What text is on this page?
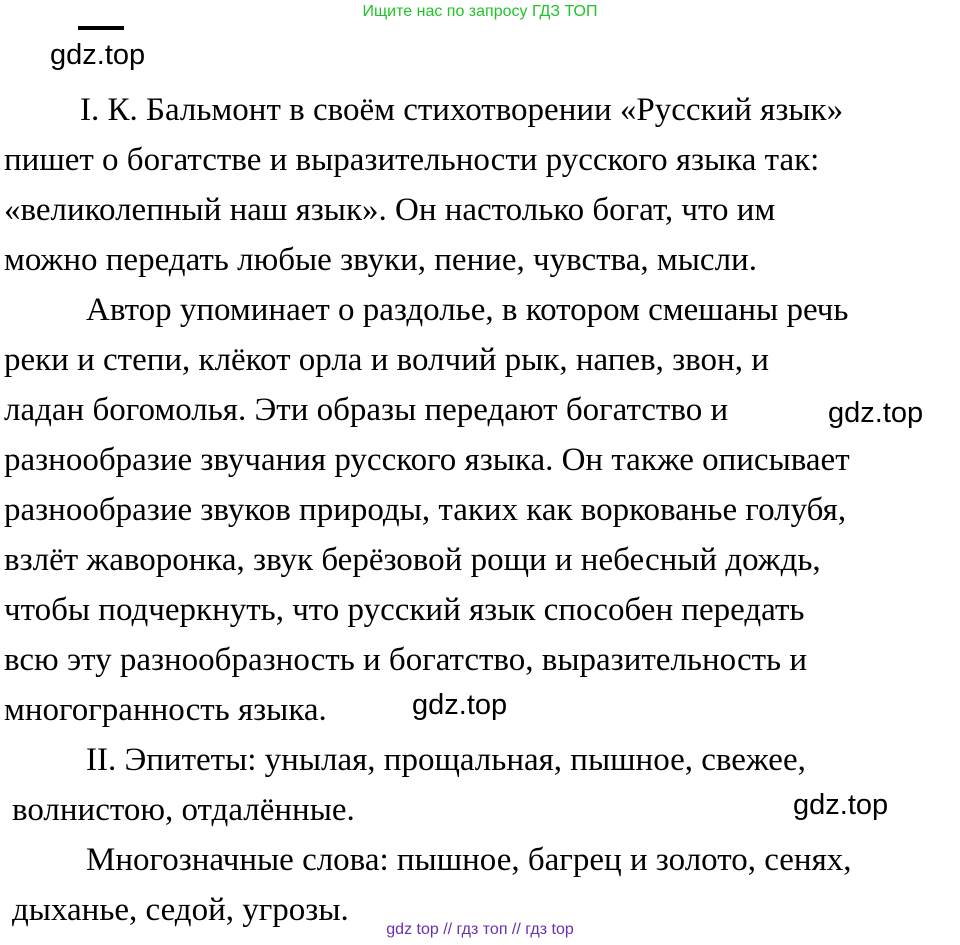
Ищите нас по запросу ГДЗ ТОП
gdz.top
I. К. Бальмонт в своём стихотворении «Русский язык»
пишет о богатстве и выразительности русского языка так:
«великолепный наш язык». Он настолько богат, что им
можно передать любые звуки, пение, чувства, мысли.
Автор упоминает о раздолье, в котором смешаны речь
реки и степи, клёкот орла и волчий рык, напев, звон, и
ладан богомолья. Эти образы передают богатство и
разнообразие звучания русского языка. Он также описывает
разнообразие звуков природы, таких как воркованье голубя,
взлёт жаворонка, звук берёзовой рощи и небесный дождь,
чтобы подчеркнуть, что русский язык способен передать
всю эту разнообразность и богатство, выразительность и
многогранность языка.
II. Эпитеты: унылая, прощальная, пышное, свежее,
волнистою, отдалённые.
Многозначные слова: пышное, багрец и золото, сенях,
дыханье, седой, угрозы.
gdz.top
gdz.top
gdz.top
gdz top // гдз топ // гдз top
